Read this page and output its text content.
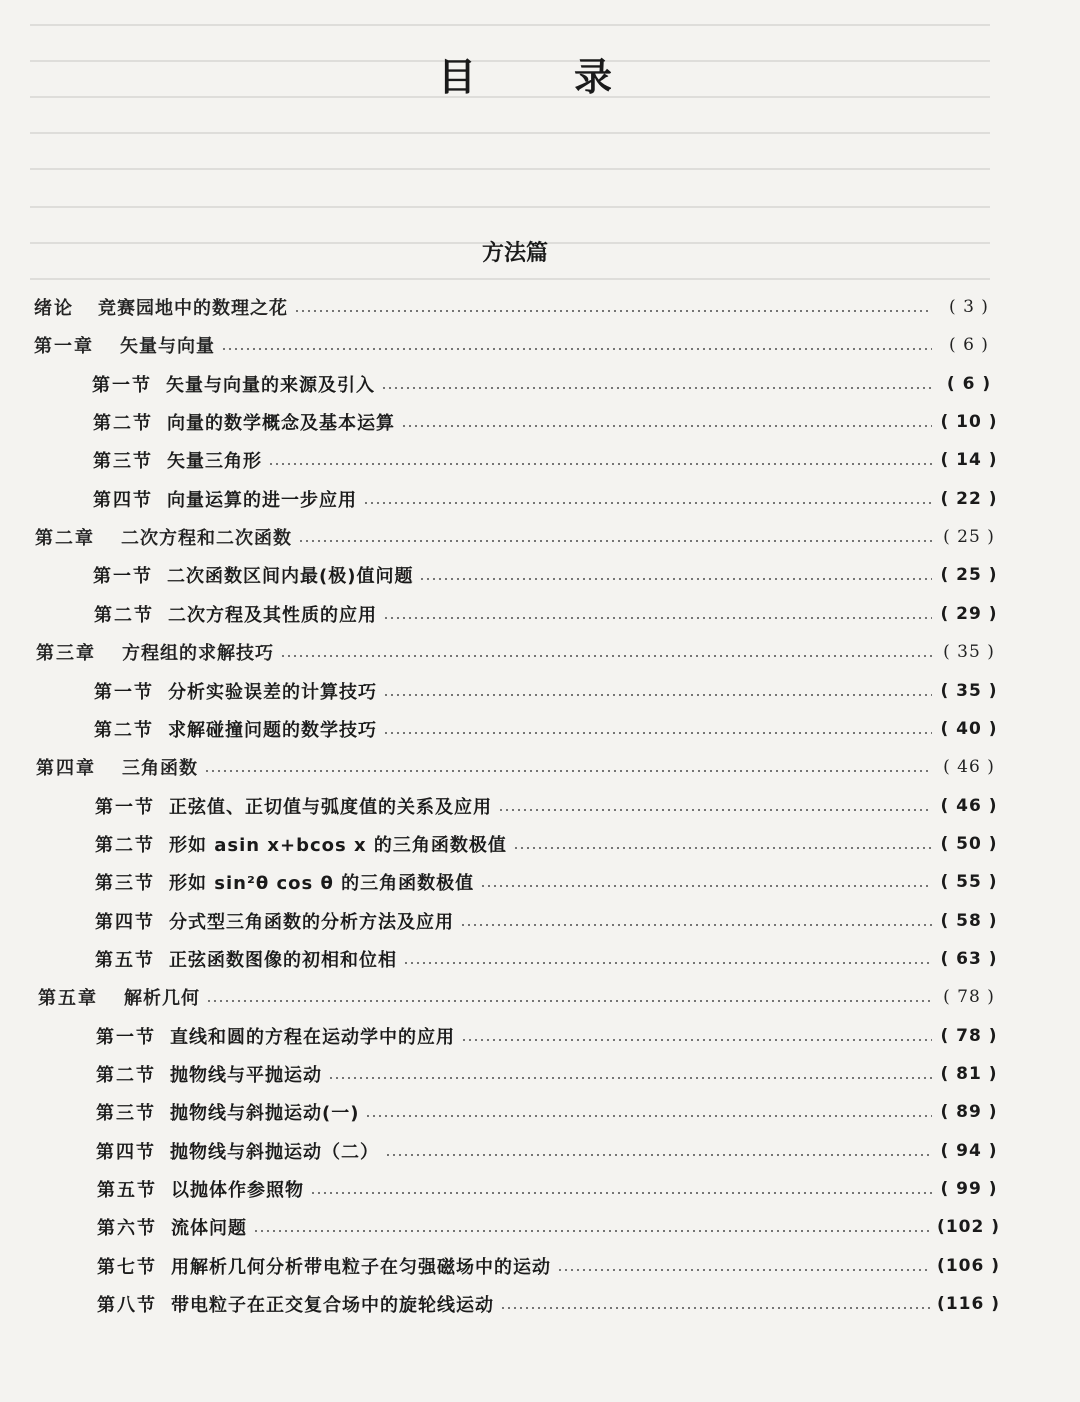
目　录
方法篇
绪论 竞赛园地中的数理之花	( 3 )
第一章 矢量与向量	( 6 )
第一节 矢量与向量的来源及引入	( 6 )
第二节 向量的数学概念及基本运算	( 10 )
第三节 矢量三角形	( 14 )
第四节 向量运算的进一步应用	( 22 )
第二章 二次方程和二次函数	( 25 )
第一节 二次函数区间内最(极)值问题	( 25 )
第二节 二次方程及其性质的应用	( 29 )
第三章 方程组的求解技巧	( 35 )
第一节 分析实验误差的计算技巧	( 35 )
第二节 求解碰撞问题的数学技巧	( 40 )
第四章 三角函数	( 46 )
第一节 正弦值、正切值与弧度值的关系及应用	( 46 )
第二节 形如 asin x+bcos x 的三角函数极值	( 50 )
第三节 形如 sin²θ cos θ 的三角函数极值	( 55 )
第四节 分式型三角函数的分析方法及应用	( 58 )
第五节 正弦函数图像的初相和位相	( 63 )
第五章 解析几何	( 78 )
第一节 直线和圆的方程在运动学中的应用	( 78 )
第二节 抛物线与平抛运动	( 81 )
第三节 抛物线与斜抛运动(一)	( 89 )
第四节 抛物线与斜抛运动（二）	( 94 )
第五节 以抛体作参照物	( 99 )
第六节 流体问题	(102 )
第七节 用解析几何分析带电粒子在匀强磁场中的运动	(106 )
第八节 带电粒子在正交复合场中的旋轮线运动	(116 )
